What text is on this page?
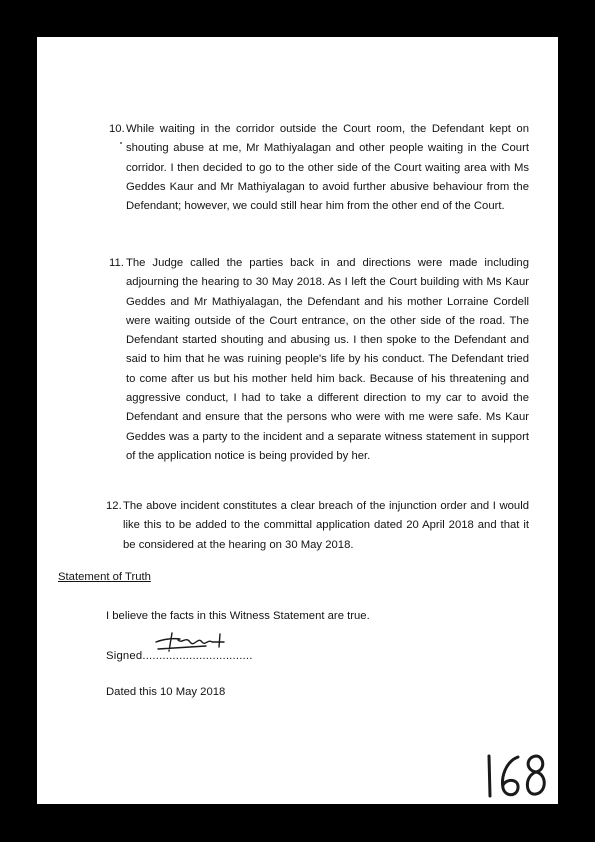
10.While waiting in the corridor outside the Court room, the Defendant kept on shouting abuse at me, Mr Mathiyalagan and other people waiting in the Court corridor. I then decided to go to the other side of the Court waiting area with Ms Geddes Kaur and Mr Mathiyalagan to avoid further abusive behaviour from the Defendant; however, we could still hear him from the other end of the Court.
11. The Judge called the parties back in and directions were made including adjourning the hearing to 30 May 2018. As I left the Court building with Ms Kaur Geddes and Mr Mathiyalagan, the Defendant and his mother Lorraine Cordell were waiting outside of the Court entrance, on the other side of the road. The Defendant started shouting and abusing us. I then spoke to the Defendant and said to him that he was ruining people's life by his conduct. The Defendant tried to come after us but his mother held him back. Because of his threatening and aggressive conduct, I had to take a different direction to my car to avoid the Defendant and ensure that the persons who were with me were safe. Ms Kaur Geddes was a party to the incident and a separate witness statement in support of the application notice is being provided by her.
12.The above incident constitutes a clear breach of the injunction order and I would like this to be added to the committal application dated 20 April 2018 and that it be considered at the hearing on 30 May 2018.
Statement of Truth
I believe the facts in this Witness Statement are true.
Signed.................................
Dated this 10 May 2018
